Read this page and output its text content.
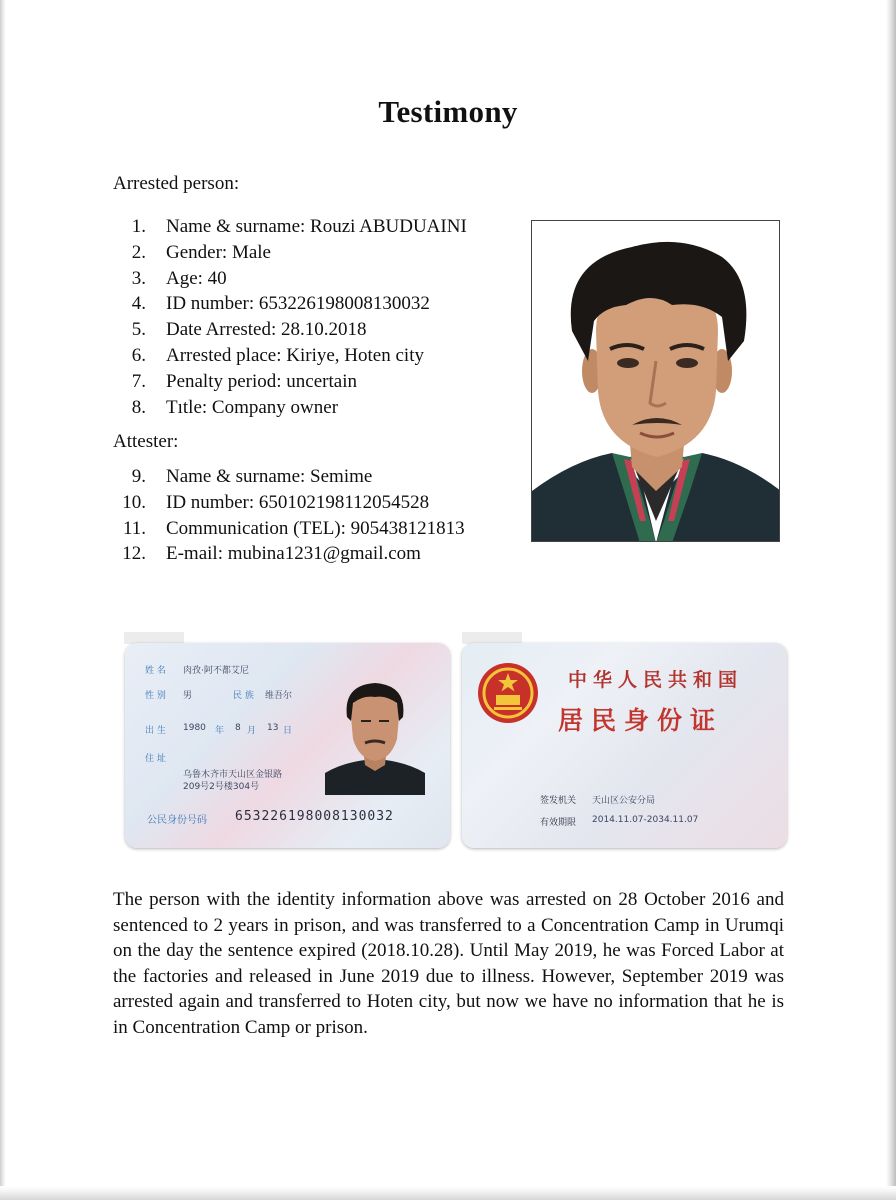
Testimony
Arrested person:
1.	Name & surname: Rouzi ABUDUAINI
2.	Gender: Male
3.	Age: 40
4.	ID number: 653226198008130032
5.	Date Arrested: 28.10.2018
6.	Arrested place: Kiriye, Hoten city
7.	Penalty period: uncertain
8.	Tıtle: Company owner
Attester:
9.	Name & surname: Semime
10.	ID number: 650102198112054528
11.	Communication (TEL): 905438121813
12.	E-mail: mubina1231@gmail.com
姓 名 肉孜·阿不都艾尼
性 别 男	民 族 维吾尔
出 生 1980 年 8 月 13 日
住 址
乌鲁木齐市天山区金银路
209号2号楼304号
公民身份号码 653226198008130032
中华人民共和国
居民身份证
签发机关 天山区公安分局
有效期限 2014.11.07-2034.11.07
The person with the identity information above was arrested on 28 October 2016 and sentenced to 2 years in prison, and was transferred to a Concentration Camp in Urumqi on the day the sentence expired (2018.10.28). Until May 2019, he was Forced Labor at the factories and released in June 2019 due to illness. However, September 2019 was arrested again and transferred to Hoten city, but now we have no information that he is in Concentration Camp or prison.
